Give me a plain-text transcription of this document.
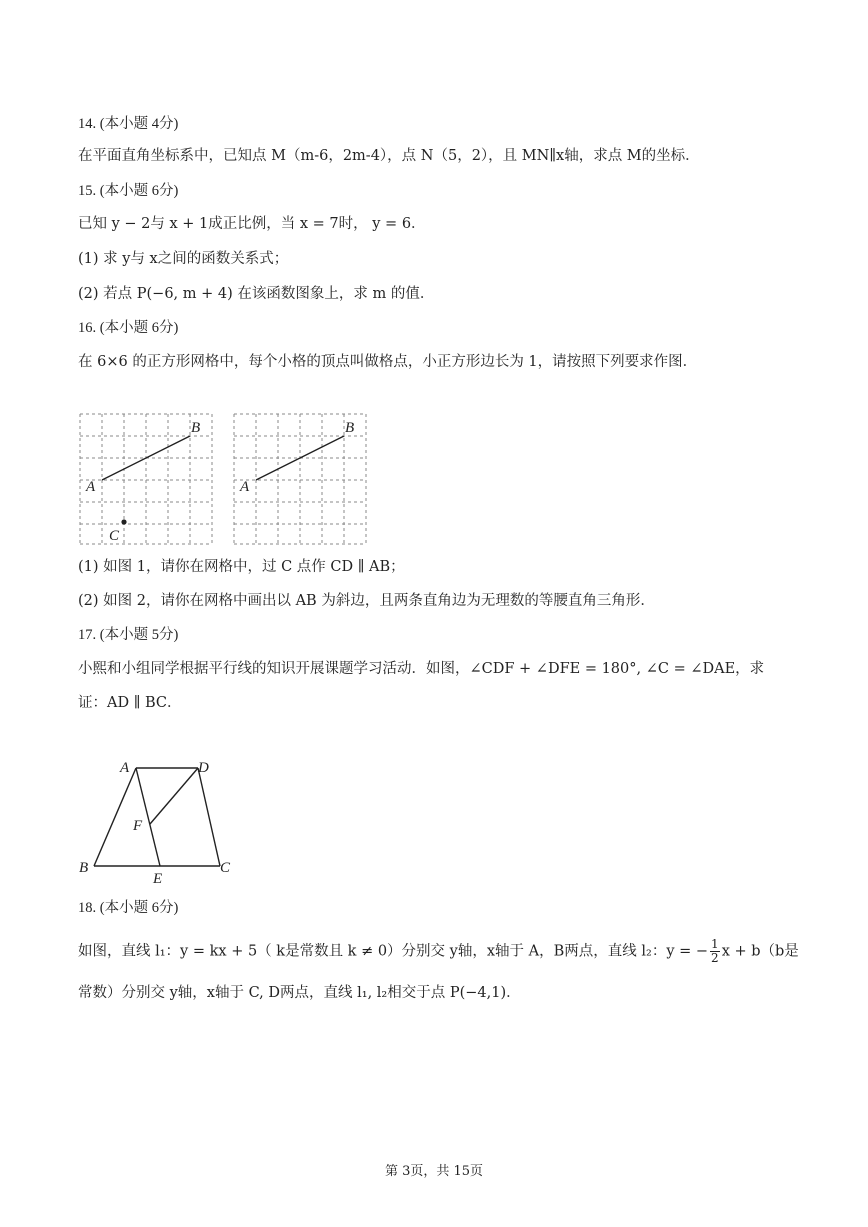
14. (本小题 4分)
在平面直角坐标系中，已知点 M（m-6，2m-4），点 N（5，2），且 MN∥x轴，求点 M的坐标．
15. (本小题 6分)
已知 y − 2与 x + 1成正比例，当 x = 7时， y = 6．
(1) 求 y与 x之间的函数关系式；
(2) 若点 P(−6, m + 4) 在该函数图象上，求 m 的值．
16. (本小题 6分)
在 6×6 的正方形网格中，每个小格的顶点叫做格点，小正方形边长为 1，请按照下列要求作图．
A
B
C
A
B
(1) 如图 1，请你在网格中，过 C 点作 CD ∥ AB；
(2) 如图 2，请你在网格中画出以 AB 为斜边，且两条直角边为无理数的等腰直角三角形．
17. (本小题 5分)
小熙和小组同学根据平行线的知识开展课题学习活动．如图，∠CDF + ∠DFE = 180°, ∠C = ∠DAE，求
证：AD ∥ BC．
A	D
F
B	C
E
18. (本小题 6分)
如图，直线 l₁：y = kx + 5（ k是常数且 k ≠ 0）分别交 y轴，x轴于 A，B两点，直线 l₂：y = − $\frac{1}{2}$ x + b（b是
常数）分别交 y轴，x轴于 C, D两点，直线 l₁, l₂相交于点 P(−4,1)．
第 3页，共 15页
